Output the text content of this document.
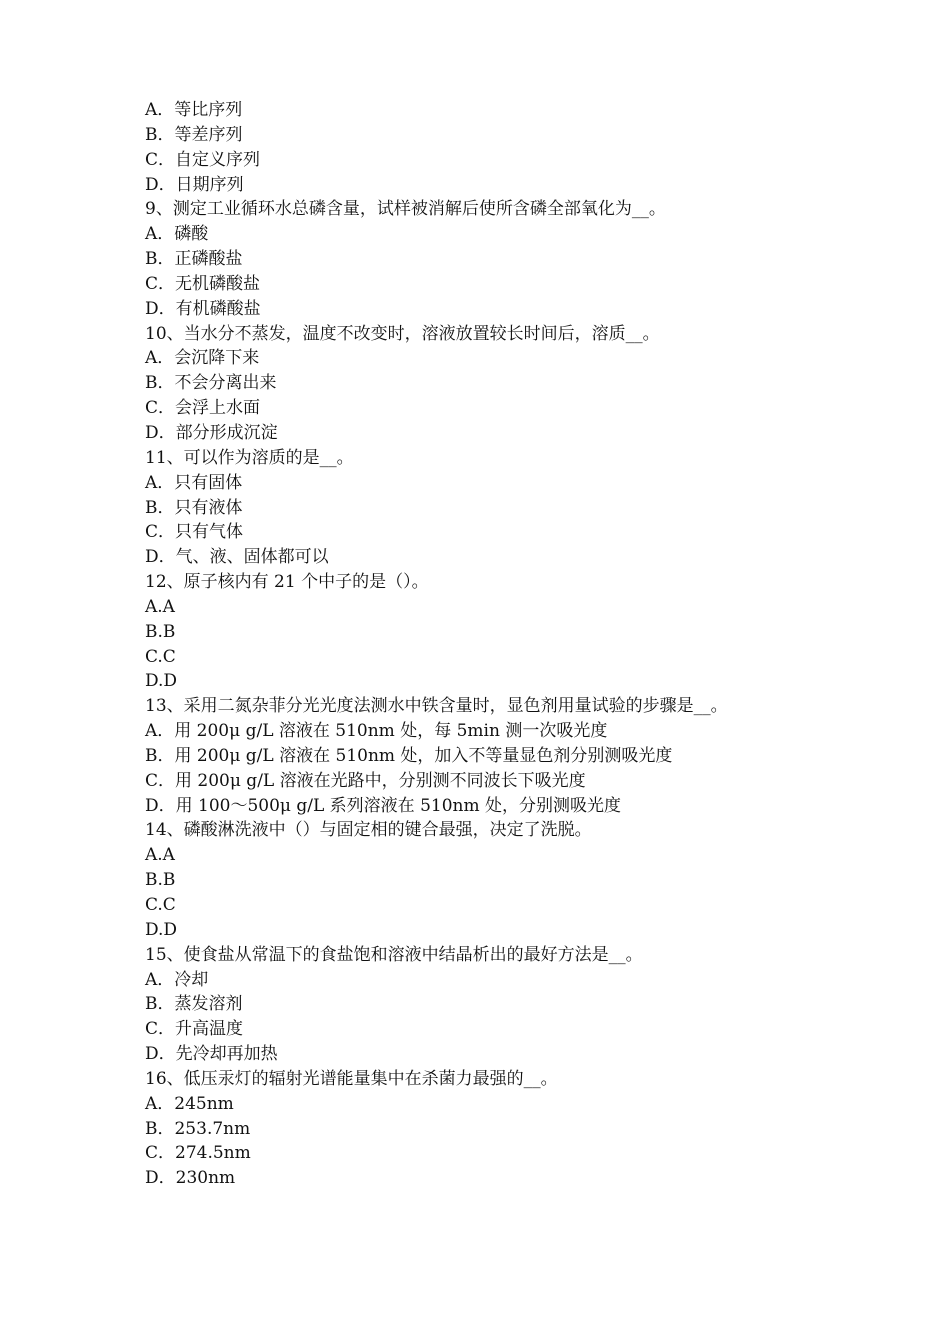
A．等比序列
B．等差序列
C．自定义序列
D．日期序列
9、测定工业循环水总磷含量，试样被消解后使所含磷全部氧化为__。
A．磷酸
B．正磷酸盐
C．无机磷酸盐
D．有机磷酸盐
10、当水分不蒸发，温度不改变时，溶液放置较长时间后，溶质__。
A．会沉降下来
B．不会分离出来
C．会浮上水面
D．部分形成沉淀
11、可以作为溶质的是__。
A．只有固体
B．只有液体
C．只有气体
D．气、液、固体都可以
12、原子核内有 21 个中子的是（）。
A.A
B.B
C.C
D.D
13、采用二氮杂菲分光光度法测水中铁含量时，显色剂用量试验的步骤是__。
A．用 200μ g/L 溶液在 510nm 处，每 5min 测一次吸光度
B．用 200μ g/L 溶液在 510nm 处，加入不等量显色剂分别测吸光度
C．用 200μ g/L 溶液在光路中，分别测不同波长下吸光度
D．用 100～500μ g/L 系列溶液在 510nm 处，分别测吸光度
14、磷酸淋洗液中（）与固定相的键合最强，决定了洗脱。
A.A
B.B
C.C
D.D
15、使食盐从常温下的食盐饱和溶液中结晶析出的最好方法是__。
A．冷却
B．蒸发溶剂
C．升高温度
D．先冷却再加热
16、低压汞灯的辐射光谱能量集中在杀菌力最强的__。
A．245nm
B．253.7nm
C．274.5nm
D．230nm
